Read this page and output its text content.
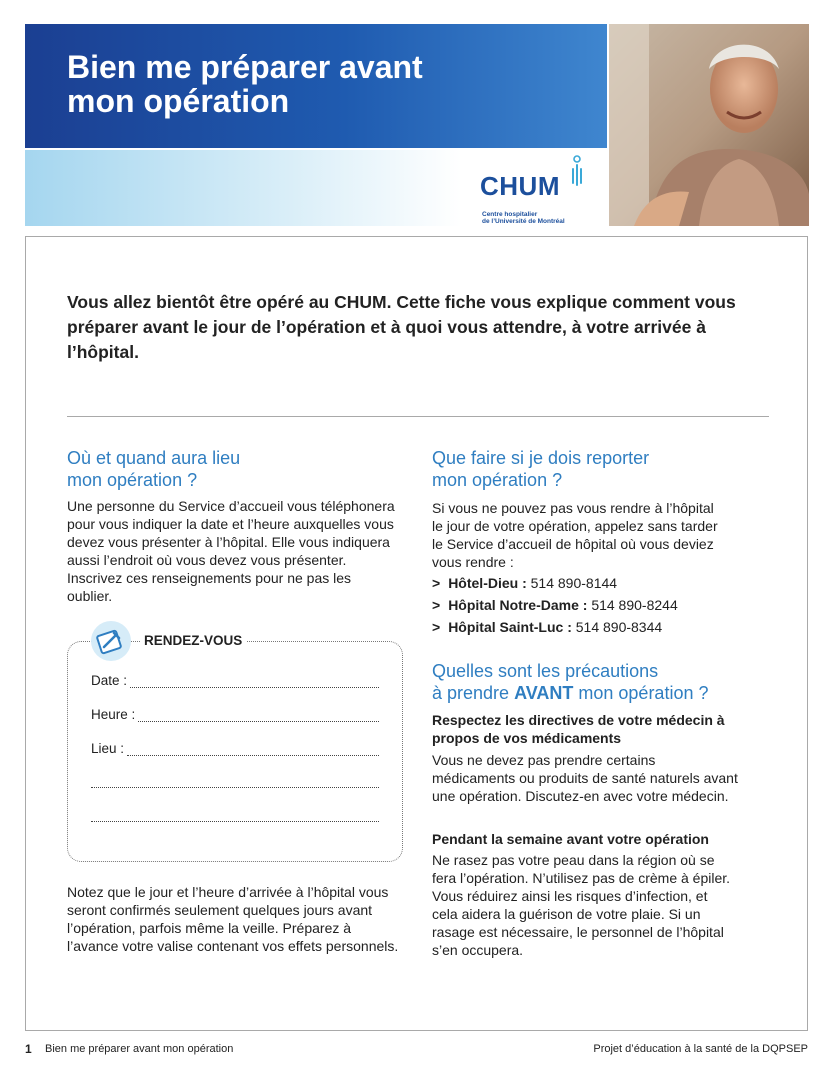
Bien me préparer avant
mon opération
CHUM
Centre hospitalier
de l’Université de Montréal

Vous allez bientôt être opéré au CHUM. Cette fiche vous explique comment vous préparer avant le jour de l’opération et à quoi vous attendre, à votre arrivée à l’hôpital.

Où et quand aura lieu
mon opération ?

Une personne du Service d’accueil vous téléphonera pour vous indiquer la date et l’heure auxquelles vous devez vous présenter à l’hôpital. Elle vous indiquera aussi l’endroit où vous devez vous présenter. Inscrivez ces renseignements pour ne pas les oublier.

RENDEZ-VOUS
Date :
Heure :
Lieu :

Notez que le jour et l’heure d’arrivée à l’hôpital vous seront confirmés seulement quelques jours avant l’opération, parfois même la veille. Préparez à l’avance votre valise contenant vos effets personnels.

Que faire si je dois reporter
mon opération ?

Si vous ne pouvez pas vous rendre à l’hôpital le jour de votre opération, appelez sans tarder le Service d’accueil de hôpital où vous deviez vous rendre :

> Hôtel-Dieu : 514 890-8144
> Hôpital Notre-Dame : 514 890-8244
> Hôpital Saint-Luc : 514 890-8344
Quelles sont les précautions
à prendre AVANT mon opération ?

Respectez les directives de votre médecin à propos de vos médicaments

Vous ne devez pas prendre certains médicaments ou produits de santé naturels avant une opération. Discutez-en avec votre médecin.

Pendant la semaine avant votre opération

Ne rasez pas votre peau dans la région où se fera l’opération. N’utilisez pas de crème à épiler. Vous réduirez ainsi les risques d’infection, et cela aidera la guérison de votre plaie. Si un rasage est nécessaire, le personnel de l’hôpital s’en occupera.

1 Bien me préparer avant mon opération	Projet d’éducation à la santé de la DQPSEP
